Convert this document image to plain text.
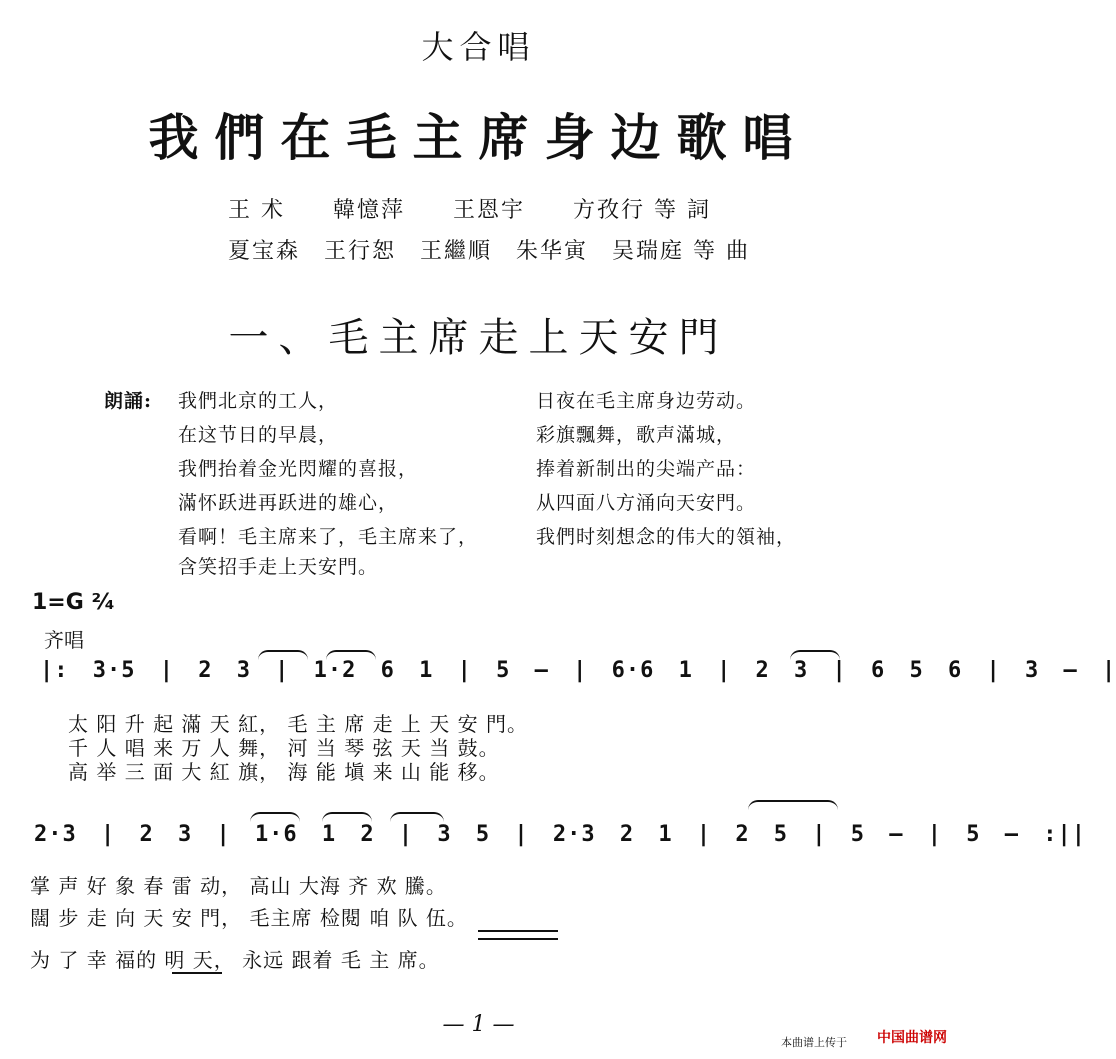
大合唱
我們在毛主席身边歌唱
王 术　　韓憶萍　　王恩宇　　方孜行 等 詞
夏宝森　王行恕　王繼順　朱华寅　吴瑞庭 等 曲
一、毛主席走上天安門
朗誦: 我們北京的工人，
在这节日的早晨，
我們抬着金光閃耀的喜报，
滿怀跃进再跃进的雄心，
看啊！毛主席来了，毛主席来了，
含笑招手走上天安門。
日夜在毛主席身边劳动。
彩旗飄舞，歌声滿城，
捧着新制出的尖端产品：
从四面八方涌向天安門。
我們时刻想念的伟大的領袖，
1=G ²⁄₄
齐唱
|: 3·5 | 2 3 | 1·2 6 1 | 5 — | 6·6 1 | 2 3 | 6 5 6 | 3 — |
太 阳 升 起 滿 天 紅， 毛 主 席 走 上 天 安 門。
千 人 唱 来 万 人 舞， 河 当 琴 弦 天 当 鼓。
高 举 三 面 大 紅 旗， 海 能 塡 来 山 能 移。
2·3 | 2 3 | 1·6 1 2 | 3 5 | 2·3 2 1 | 2 5 | 5 — | 5 — :||
掌 声 好 象 春 雷 动， 高山 大海 齐 欢 騰。
闊 步 走 向 天 安 門， 毛主席 检閱 咱 队 伍。
为 了 幸 福的 明 天， 永远 跟着 毛 主 席。
— 1 —
本曲谱上传于 中国曲谱网
